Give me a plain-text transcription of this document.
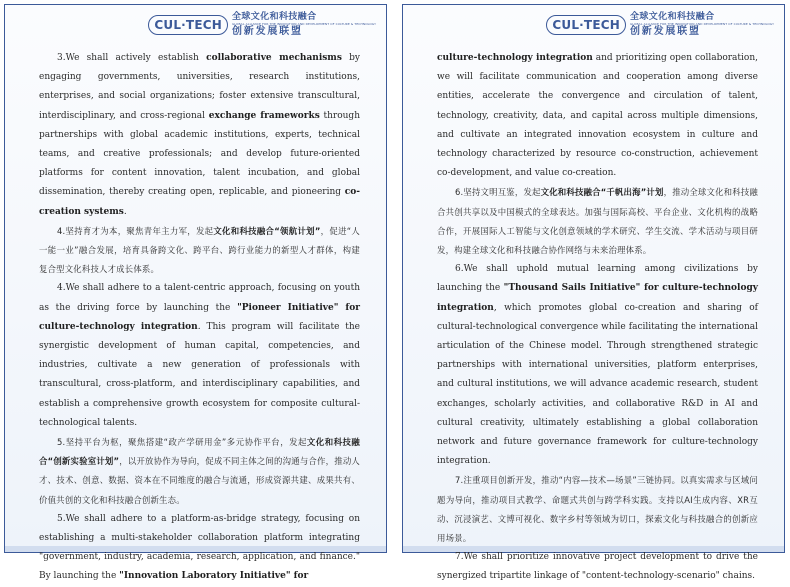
CUL·TECH
全球文化和科技融合
GLOBAL ALLIANCE FOR THE INNOVATION AND DEVELOPMENT OF CULTURE & TECHNOLOGY
创新发展联盟

3.We shall actively establish collaborative mechanisms by engaging governments, universities, research institutions, enterprises, and social organizations; foster extensive transcultural, interdisciplinary, and cross-regional exchange frameworks through partnerships with global academic institutions, experts, technical teams, and creative professionals; and develop future-oriented platforms for content innovation, talent incubation, and global dissemination, thereby creating open, replicable, and pioneering co-creation systems.

4.坚持育才为本，聚焦青年主力军，发起文化和科技融合“领航计划”，促进“人一能一业”融合发展，培育具备跨文化、跨平台、跨行业能力的新型人才群体，构建复合型文化科技人才成长体系。

4.We shall adhere to a talent-centric approach, focusing on youth as the driving force by launching the "Pioneer Initiative" for culture-technology integration. This program will facilitate the synergistic development of human capital, competencies, and industries, cultivate a new generation of professionals with transcultural, cross-platform, and interdisciplinary capabilities, and establish a comprehensive growth ecosystem for composite cultural-technological talents.

5.坚持平台为枢，聚焦搭建“政产学研用金”多元协作平台，发起文化和科技融合“创新实验室计划”，以开放协作为导向，促成不同主体之间的沟通与合作，推动人才、技术、创意、数据、资本在不同维度的融合与流通，形成资源共建、成果共有、价值共创的文化和科技融合创新生态。

5.We shall adhere to a platform-as-bridge strategy, focusing on establishing a multi-stakeholder collaboration platform integrating "government, industry, academia, research, application, and finance." By launching the "Innovation Laboratory Initiative" for

CUL·TECH
全球文化和科技融合
GLOBAL ALLIANCE FOR THE INNOVATION AND DEVELOPMENT OF CULTURE & TECHNOLOGY
创新发展联盟

culture-technology integration and prioritizing open collaboration, we will facilitate communication and cooperation among diverse entities, accelerate the convergence and circulation of talent, technology, creativity, data, and capital across multiple dimensions, and cultivate an integrated innovation ecosystem in culture and technology characterized by resource co-construction, achievement co-development, and value co-creation.

6.坚持文明互鉴，发起文化和科技融合“千帆出海”计划，推动全球文化和科技融合共创共享以及中国模式的全球表达。加强与国际高校、平台企业、文化机构的战略合作，开展国际人工智能与文化创意领域的学术研究、学生交流、学术活动与项目研发，构建全球文化和科技融合协作网络与未来治理体系。

6.We shall uphold mutual learning among civilizations by launching the "Thousand Sails Initiative" for culture-technology integration, which promotes global co-creation and sharing of cultural-technological convergence while facilitating the international articulation of the Chinese model. Through strengthened strategic partnerships with international universities, platform enterprises, and cultural institutions, we will advance academic research, student exchanges, scholarly activities, and collaborative R&D in AI and cultural creativity, ultimately establishing a global collaboration network and future governance framework for culture-technology integration.

7.注重项目创新开发，推动“内容—技术—场景”三链协同。以真实需求与区域问题为导向，推动项目式教学、命题式共创与跨学科实践。支持以AI生成内容、XR互动、沉浸演艺、文博可视化、数字乡村等领域为切口，探索文化与科技融合的创新应用场景。

7.We shall prioritize innovative project development to drive the synergized tripartite linkage of "content-technology-scenario" chains.
